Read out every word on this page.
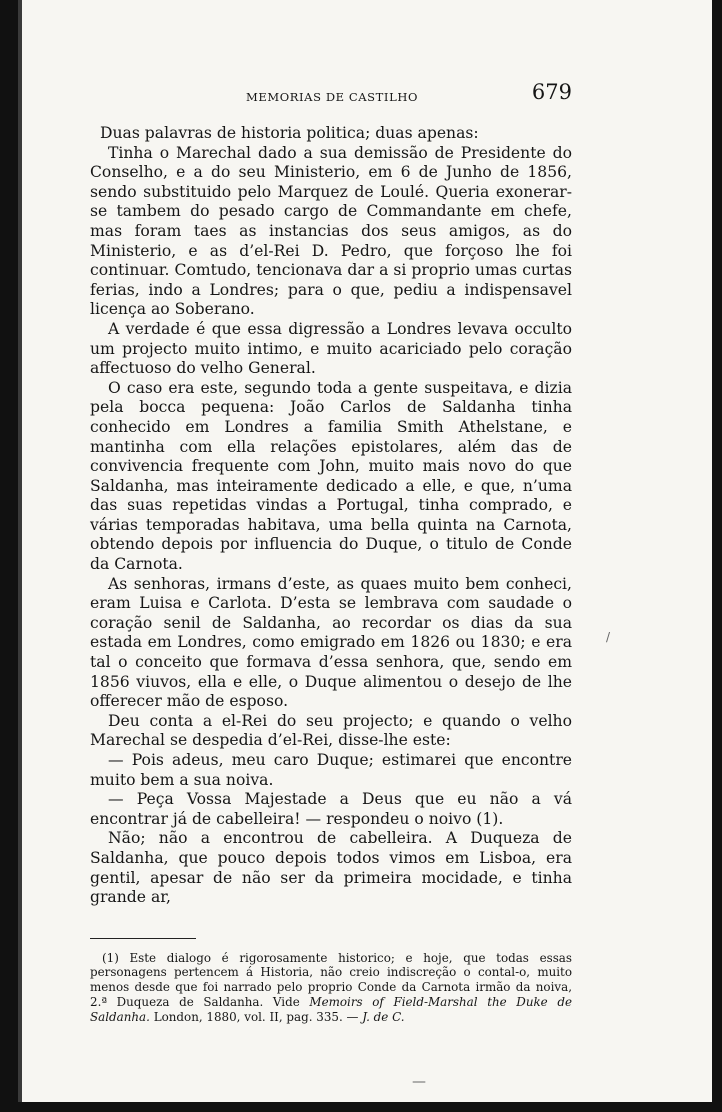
/
—
MEMORIAS DE CASTILHO	679

Duas palavras de historia politica; duas apenas:

Tinha o Marechal dado a sua demissão de Presidente do Conselho, e a do seu Ministerio, em 6 de Junho de 1856, sendo substituido pelo Marquez de Loulé. Queria exonerar-se tambem do pesado cargo de Commandante em chefe, mas foram taes as instancias dos seus amigos, as do Ministerio, e as d’el-Rei D. Pedro, que forçoso lhe foi continuar. Comtudo, tencionava dar a si proprio umas curtas ferias, indo a Londres; para o que, pediu a indispensavel licença ao Soberano.

A verdade é que essa digressão a Londres levava occulto um projecto muito intimo, e muito acariciado pelo coração affectuoso do velho General.

O caso era este, segundo toda a gente suspeitava, e dizia pela bocca pequena: João Carlos de Saldanha tinha conhecido em Londres a familia Smith Athelstane, e mantinha com ella relações epistolares, além das de convivencia frequente com John, muito mais novo do que Saldanha, mas inteiramente dedicado a elle, e que, n’uma das suas repetidas vindas a Portugal, tinha comprado, e várias temporadas habitava, uma bella quinta na Carnota, obtendo depois por influencia do Duque, o titulo de Conde da Carnota.

As senhoras, irmans d’este, as quaes muito bem conheci, eram Luisa e Carlota. D’esta se lembrava com saudade o coração senil de Saldanha, ao recordar os dias da sua estada em Londres, como emigrado em 1826 ou 1830; e era tal o conceito que formava d’essa senhora, que, sendo em 1856 viuvos, ella e elle, o Duque alimentou o desejo de lhe offerecer mão de esposo.

Deu conta a el-Rei do seu projecto; e quando o velho Marechal se despedia d’el-Rei, disse-lhe este:

— Pois adeus, meu caro Duque; estimarei que encontre muito bem a sua noiva.

— Peça Vossa Majestade a Deus que eu não a vá encontrar já de cabelleira! — respondeu o noivo (1).

Não; não a encontrou de cabelleira. A Duqueza de Saldanha, que pouco depois todos vimos em Lisboa, era gentil, apesar de não ser da primeira mocidade, e tinha grande ar,

(1) Este dialogo é rigorosamente historico; e hoje, que todas essas personagens pertencem á Historia, não creio indiscreção o contal-o, muito menos desde que foi narrado pelo proprio Conde da Carnota irmão da noiva, 2.ª Duqueza de Saldanha. Vide Memoirs of Field-Marshal the Duke de Saldanha. London, 1880, vol. II, pag. 335. — J. de C.
